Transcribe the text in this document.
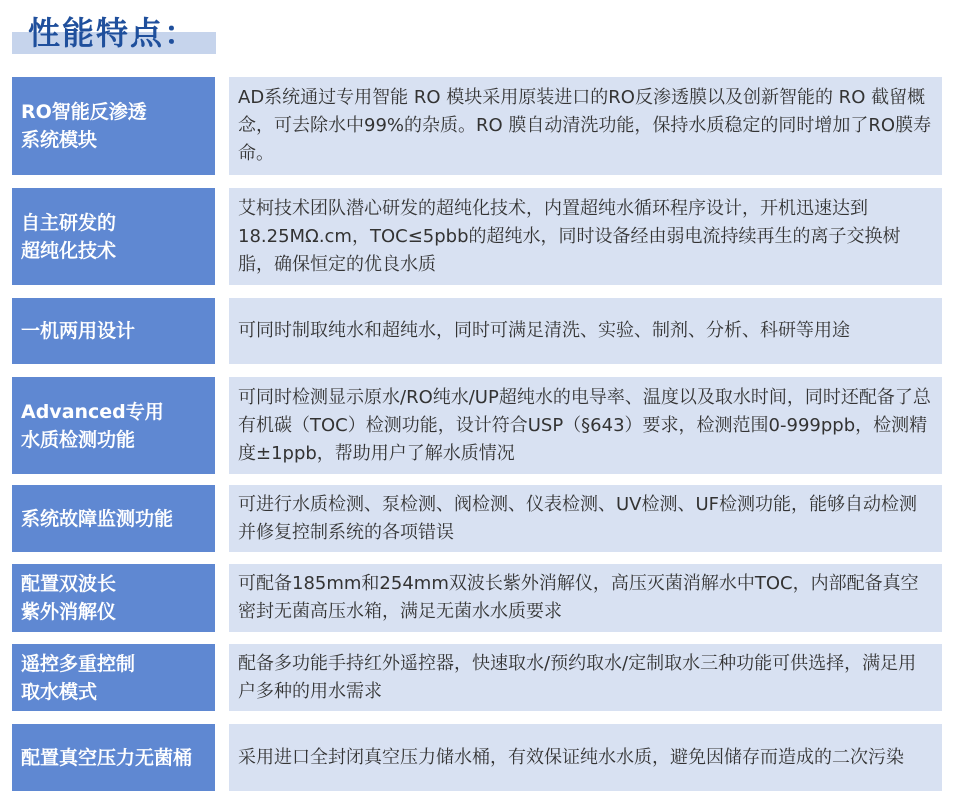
性能特点：
RO智能反渗透
系统模块
AD系统通过专用智能 RO 模块采用原装进口的RO反渗透膜以及创新智能的 RO 截留概念，可去除水中99%的杂质。RO 膜自动清洗功能，保持水质稳定的同时增加了RO膜寿命。
自主研发的
超纯化技术
艾柯技术团队潜心研发的超纯化技术，内置超纯水循环程序设计，开机迅速达到18.25MΩ.cm，TOC≤5pbb的超纯水，同时设备经由弱电流持续再生的离子交换树脂，确保恒定的优良水质
一机两用设计	可同时制取纯水和超纯水，同时可满足清洗、实验、制剂、分析、科研等用途
Advanced专用
水质检测功能
可同时检测显示原水/RO纯水/UP超纯水的电导率、温度以及取水时间，同时还配备了总有机碳（TOC）检测功能，设计符合USP（§643）要求，检测范围0-999ppb，检测精度±1ppb，帮助用户了解水质情况
系统故障监测功能
可进行水质检测、泵检测、阀检测、仪表检测、UV检测、UF检测功能，能够自动检测并修复控制系统的各项错误
配置双波长
紫外消解仪
可配备185mm和254mm双波长紫外消解仪，高压灭菌消解水中TOC，内部配备真空密封无菌高压水箱，满足无菌水水质要求
遥控多重控制
取水模式
配备多功能手持红外遥控器，快速取水/预约取水/定制取水三种功能可供选择，满足用户多种的用水需求
配置真空压力无菌桶	采用进口全封闭真空压力储水桶，有效保证纯水水质，避免因储存而造成的二次污染
